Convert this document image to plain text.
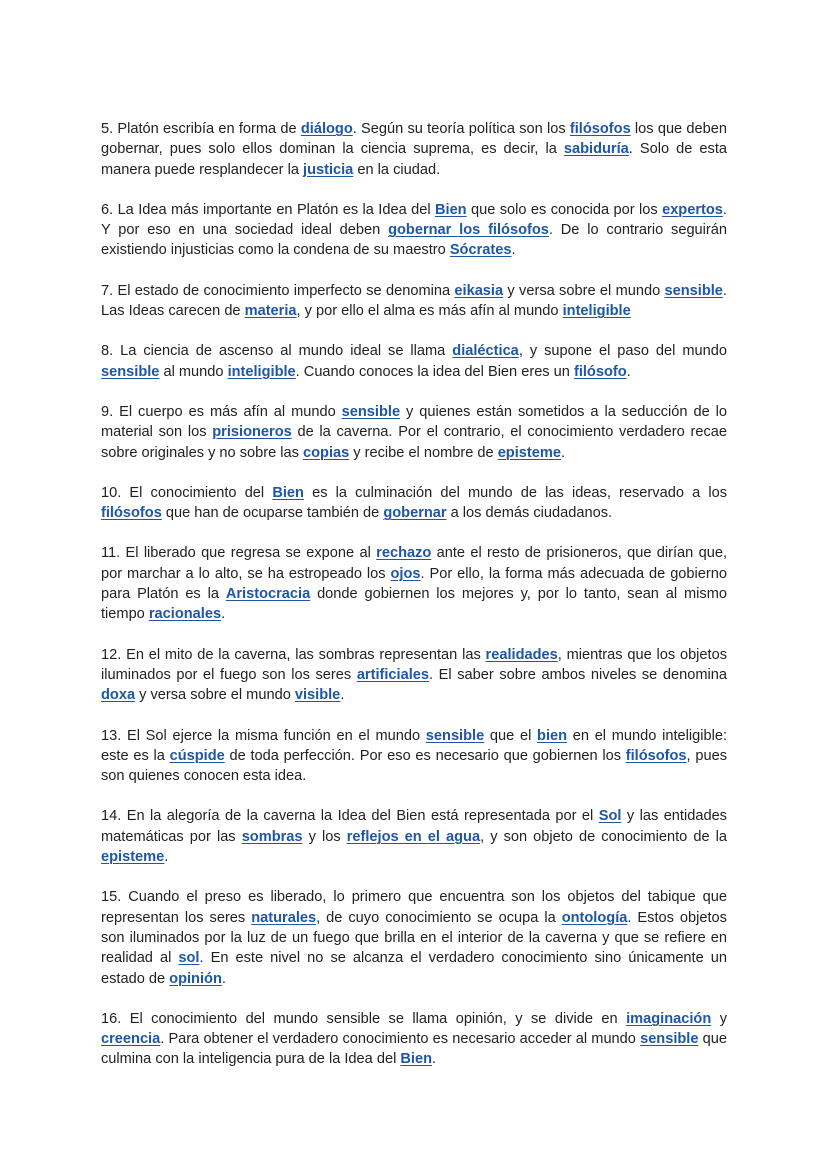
5. Platón escribía en forma de diálogo. Según su teoría política son los filósofos los que deben gobernar, pues solo ellos dominan la ciencia suprema, es decir, la sabiduría. Solo de esta manera puede resplandecer la justicia en la ciudad.

6. La Idea más importante en Platón es la Idea del Bien que solo es conocida por los expertos. Y por eso en una sociedad ideal deben gobernar los filósofos. De lo contrario seguirán existiendo injusticias como la condena de su maestro Sócrates.

7. El estado de conocimiento imperfecto se denomina eikasia y versa sobre el mundo sensible. Las Ideas carecen de materia, y por ello el alma es más afín al mundo inteligible

8. La ciencia de ascenso al mundo ideal se llama dialéctica, y supone el paso del mundo sensible al mundo inteligible. Cuando conoces la idea del Bien eres un filósofo.

9. El cuerpo es más afín al mundo sensible y quienes están sometidos a la seducción de lo material son los prisioneros de la caverna. Por el contrario, el conocimiento verdadero recae sobre originales y no sobre las copias y recibe el nombre de episteme.

10. El conocimiento del Bien es la culminación del mundo de las ideas, reservado a los filósofos que han de ocuparse también de gobernar a los demás ciudadanos.

11. El liberado que regresa se expone al rechazo ante el resto de prisioneros, que dirían que, por marchar a lo alto, se ha estropeado los ojos. Por ello, la forma más adecuada de gobierno para Platón es la Aristocracia donde gobiernen los mejores y, por lo tanto, sean al mismo tiempo racionales.

12. En el mito de la caverna, las sombras representan las realidades, mientras que los objetos iluminados por el fuego son los seres artificiales. El saber sobre ambos niveles se denomina doxa y versa sobre el mundo visible.

13. El Sol ejerce la misma función en el mundo sensible que el bien en el mundo inteligible: este es la cúspide de toda perfección. Por eso es necesario que gobiernen los filósofos, pues son quienes conocen esta idea.

14. En la alegoría de la caverna la Idea del Bien está representada por el Sol y las entidades matemáticas por las sombras y los reflejos en el agua, y son objeto de conocimiento de la episteme.

15. Cuando el preso es liberado, lo primero que encuentra son los objetos del tabique que representan los seres naturales, de cuyo conocimiento se ocupa la ontología. Estos objetos son iluminados por la luz de un fuego que brilla en el interior de la caverna y que se refiere en realidad al sol. En este nivel no se alcanza el verdadero conocimiento sino únicamente un estado de opinión.

16. El conocimiento del mundo sensible se llama opinión, y se divide en imaginación y creencia. Para obtener el verdadero conocimiento es necesario acceder al mundo sensible que culmina con la inteligencia pura de la Idea del Bien.
